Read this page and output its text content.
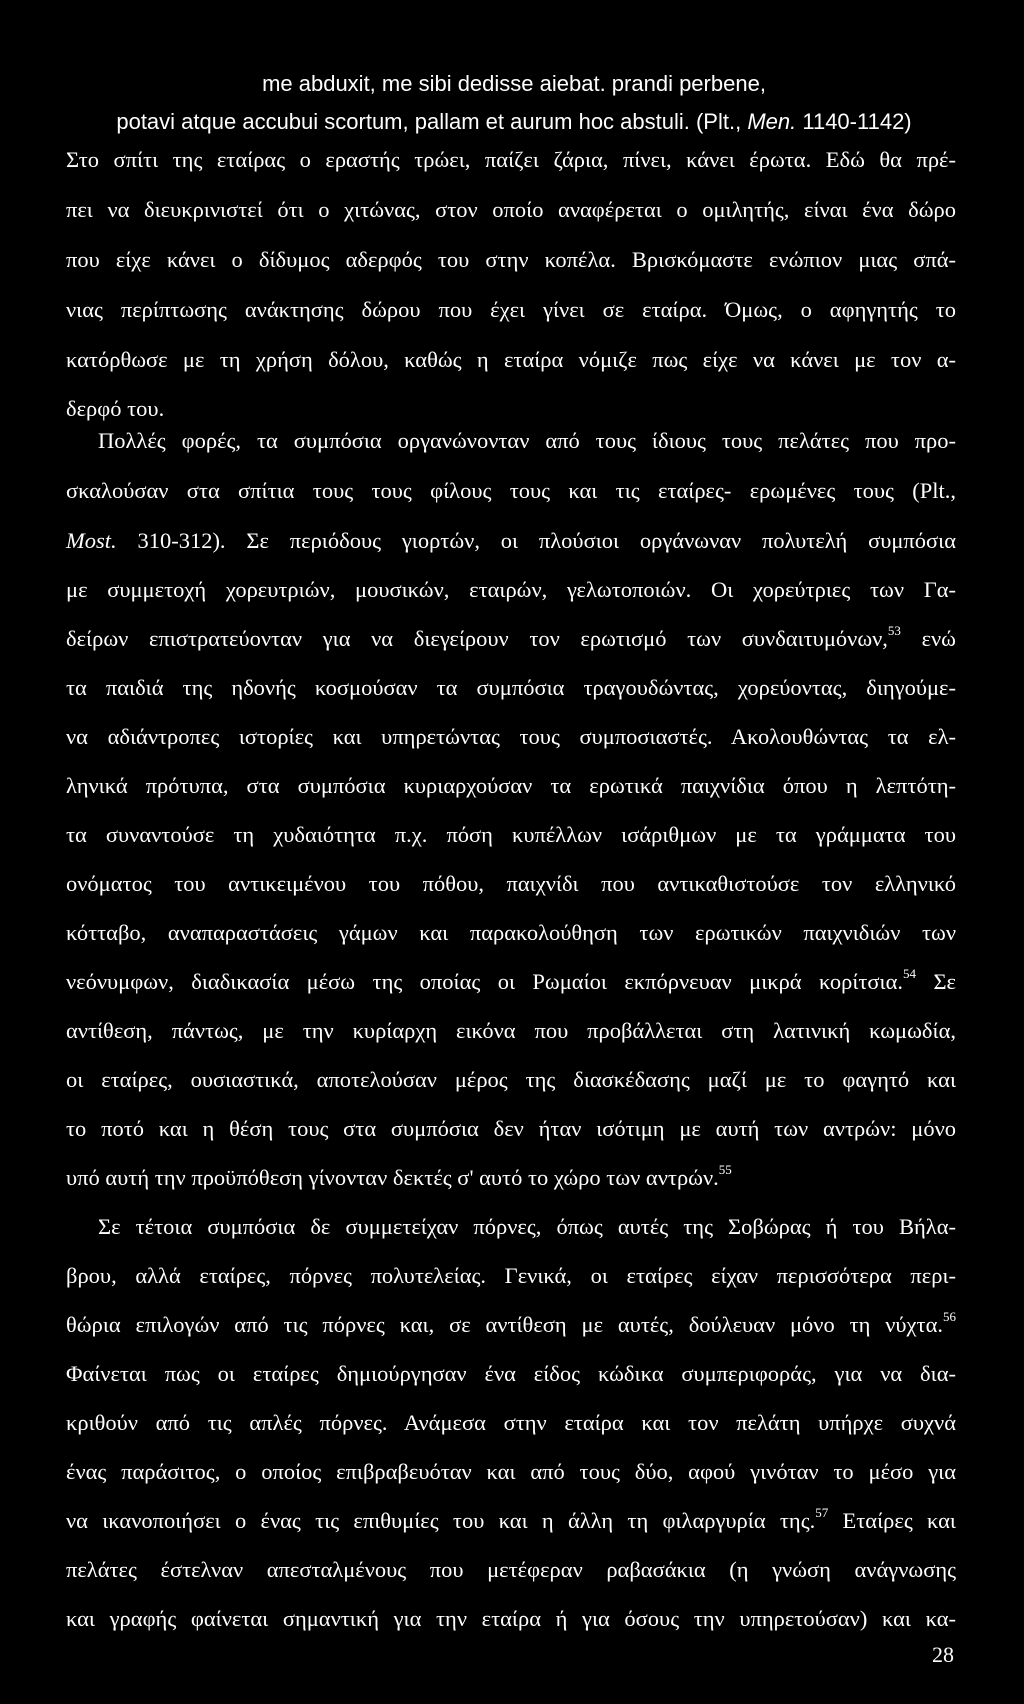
me abduxit, me sibi dedisse aiebat. prandi perbene,
potavi atque accubui scortum, pallam et aurum hoc abstuli. (Plt., Men. 1140-1142)
Στο σπίτι της εταίρας ο εραστής τρώει, παίζει ζάρια, πίνει, κάνει έρωτα. Εδώ θα πρέ-
πει να διευκρινιστεί ότι ο χιτώνας, στον οποίο αναφέρεται ο ομιλητής, είναι ένα δώρο
που είχε κάνει ο δίδυμος αδερφός του στην κοπέλα. Βρισκόμαστε ενώπιον μιας σπά-
νιας περίπτωσης ανάκτησης δώρου που έχει γίνει σε εταίρα. Όμως, ο αφηγητής το
κατόρθωσε με τη χρήση δόλου, καθώς η εταίρα νόμιζε πως είχε να κάνει με τον α-
δερφό του.
Πολλές φορές, τα συμπόσια οργανώνονταν από τους ίδιους τους πελάτες που προ-
σκαλούσαν στα σπίτια τους τους φίλους τους και τις εταίρες- ερωμένες τους (Plt.,
Most. 310-312). Σε περιόδους γιορτών, οι πλούσιοι οργάνωναν πολυτελή συμπόσια
με συμμετοχή χορευτριών, μουσικών, εταιρών, γελωτοποιών. Οι χορεύτριες των Γα-
δείρων επιστρατεύονταν για να διεγείρουν τον ερωτισμό των συνδαιτυμόνων,$^{53}$ ενώ
τα παιδιά της ηδονής κοσμούσαν τα συμπόσια τραγουδώντας, χορεύοντας, διηγούμε-
να αδιάντροπες ιστορίες και υπηρετώντας τους συμποσιαστές. Ακολουθώντας τα ελ-
ληνικά πρότυπα, στα συμπόσια κυριαρχούσαν τα ερωτικά παιχνίδια όπου η λεπτότη-
τα συναντούσε τη χυδαιότητα π.χ. πόση κυπέλλων ισάριθμων με τα γράμματα του
ονόματος του αντικειμένου του πόθου, παιχνίδι που αντικαθιστούσε τον ελληνικό
κότταβο, αναπαραστάσεις γάμων και παρακολούθηση των ερωτικών παιχνιδιών των
νεόνυμφων, διαδικασία μέσω της οποίας οι Ρωμαίοι εκπόρνευαν μικρά κορίτσια.$^{54}$ Σε
αντίθεση, πάντως, με την κυρίαρχη εικόνα που προβάλλεται στη λατινική κωμωδία,
οι εταίρες, ουσιαστικά, αποτελούσαν μέρος της διασκέδασης μαζί με το φαγητό και
το ποτό και η θέση τους στα συμπόσια δεν ήταν ισότιμη με αυτή των αντρών: μόνο
υπό αυτή την προϋπόθεση γίνονταν δεκτές σ' αυτό το χώρο των αντρών.$^{55}$
Σε τέτοια συμπόσια δε συμμετείχαν πόρνες, όπως αυτές της Σοβώρας ή του Βήλα-
βρου, αλλά εταίρες, πόρνες πολυτελείας. Γενικά, οι εταίρες είχαν περισσότερα περι-
θώρια επιλογών από τις πόρνες και, σε αντίθεση με αυτές, δούλευαν μόνο τη νύχτα.$^{56}$
Φαίνεται πως οι εταίρες δημιούργησαν ένα είδος κώδικα συμπεριφοράς, για να δια-
κριθούν από τις απλές πόρνες. Ανάμεσα στην εταίρα και τον πελάτη υπήρχε συχνά
ένας παράσιτος, ο οποίος επιβραβευόταν και από τους δύο, αφού γινόταν το μέσο για
να ικανοποιήσει ο ένας τις επιθυμίες του και η άλλη τη φιλαργυρία της.$^{57}$ Εταίρες και
πελάτες έστελναν απεσταλμένους που μετέφεραν ραβασάκια (η γνώση ανάγνωσης
και γραφής φαίνεται σημαντική για την εταίρα ή για όσους την υπηρετούσαν) και κα-
28
